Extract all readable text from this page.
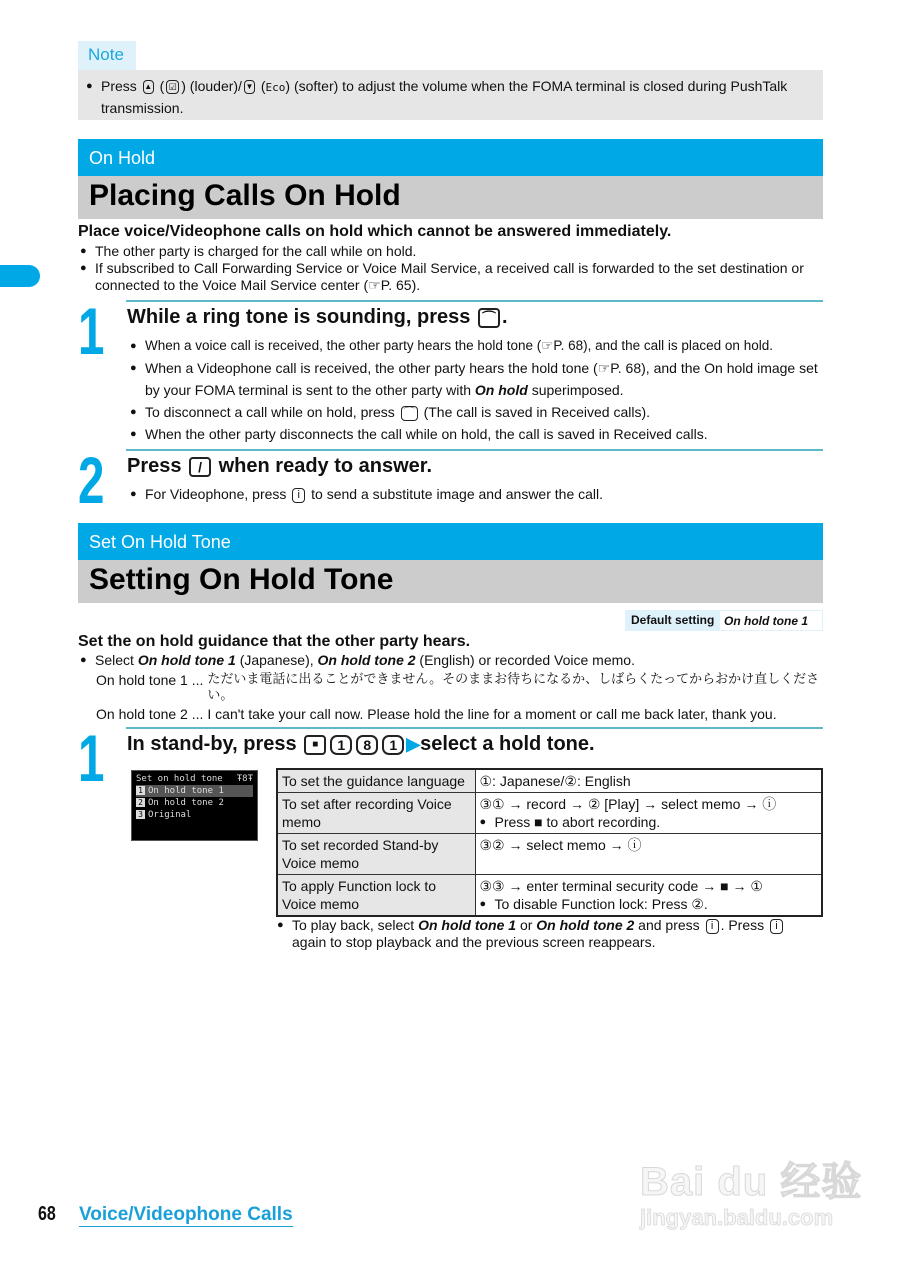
Note
● Press ▲ ( ☑ ) (louder)/ ▼ (Eco) (softer) to adjust the volume when the FOMA terminal is closed during PushTalk transmission.
On Hold
Placing Calls On Hold
Place voice/Videophone calls on hold which cannot be answered immediately.
● The other party is charged for the call while on hold.
● If subscribed to Call Forwarding Service or Voice Mail Service, a received call is forwarded to the set destination or connected to the Voice Mail Service center (☞P. 65).
1 While a ring tone is sounding, press ⌒ .
● When a voice call is received, the other party hears the hold tone (☞P. 68), and the call is placed on hold.
● When a Videophone call is received, the other party hears the hold tone (☞P. 68), and the On hold image set by your FOMA terminal is sent to the other party with On hold superimposed.
● To disconnect a call while on hold, press ⌒ (The call is saved in Received calls).
● When the other party disconnects the call while on hold, the call is saved in Received calls.
2 Press / when ready to answer.
● For Videophone, press i to send a substitute image and answer the call.
Set On Hold Tone
Setting On Hold Tone
Default setting On hold tone 1
Set the on hold guidance that the other party hears.
● Select On hold tone 1 (Japanese), On hold tone 2 (English) or recorded Voice memo.
On hold tone 1 ... ただいま電話に出ることができません。そのままお待ちになるか、しばらくたってからおかけ直しください。
On hold tone 2 ... I can't take your call now. Please hold the line for a moment or call me back later, thank you.
1 In stand-by, press ■ 1 8 1 ▶select a hold tone.
Set on hold tone Ŧ8Ŧ
1 On hold tone 1
2 On hold tone 2
3 Original
To set the guidance language	①: Japanese/②: English
To set after recording Voice memo	③① → record → ② [Play] → select memo → ⓘ
● Press ■ to abort recording.

To set recorded Stand-by Voice memo	③② → select memo → ⓘ
To apply Function lock to Voice memo	③③ → enter terminal security code → ■ → ①
● To disable Function lock: Press ②.
● To play back, select On hold tone 1 or On hold tone 2 and press i . Press i again to stop playback and the previous screen reappears.
68 Voice/Videophone Calls
Bai du 经验
jingyan.baidu.com
